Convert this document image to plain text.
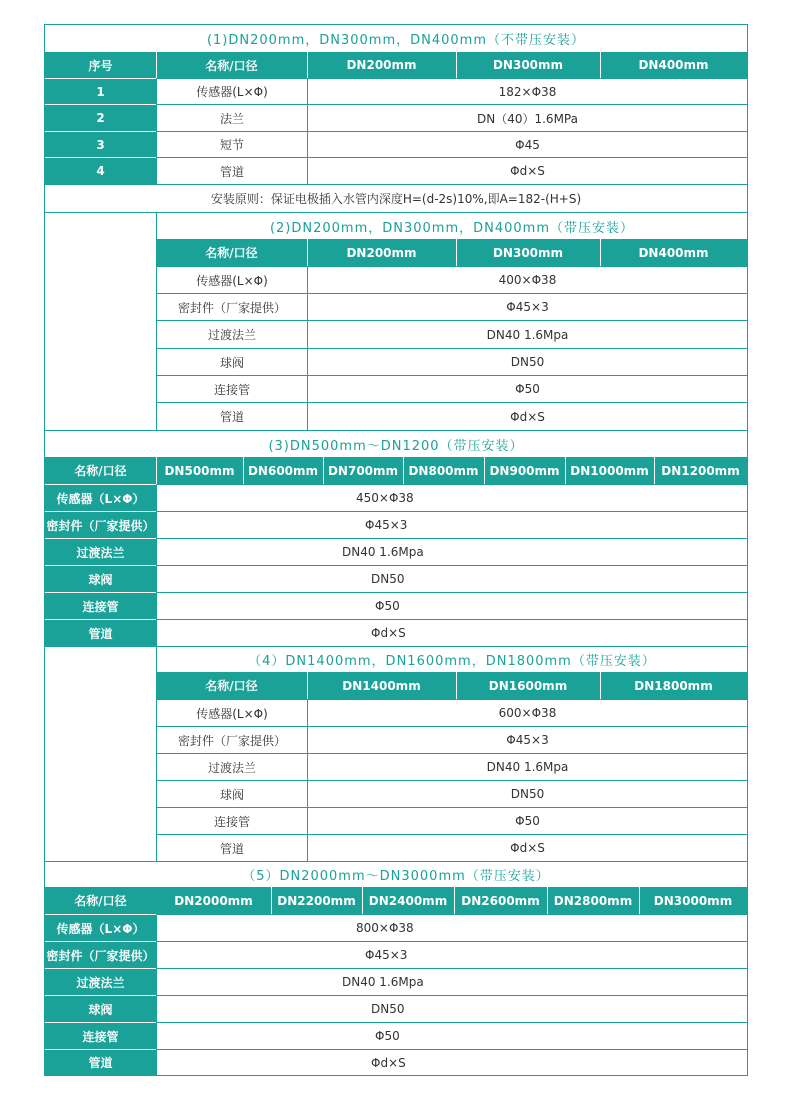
(1)DN200mm，DN300mm，DN400mm（不带压安装）
序号	名称/口径	DN200mm	DN300mm	DN400mm
1	传感器(L×Φ)	182×Φ38
2	法兰	DN（40）1.6MPa
3	短节	Φ45
4	管道	Φd×S
安装原则：保证电极插入水管内深度H=(d-2s)10%,即A=182-(H+S)
(2)DN200mm，DN300mm，DN400mm（带压安装）
名称/口径	DN200mm	DN300mm	DN400mm
传感器(L×Φ)	400×Φ38
密封件（厂家提供）	Φ45×3
过渡法兰	DN40 1.6Mpa
球阀	DN50
连接管	Φ50
管道	Φd×S
(3)DN500mm～DN1200（带压安装）
名称/口径	DN500mm	DN600mm DN700mm DN800mm DN900mm DN1000mm	DN1200mm
传感器（L×Φ）	450×Φ38
密封件（厂家提供）	Φ45×3
过渡法兰	DN40 1.6Mpa
球阀	DN50
连接管	Φ50
管道	Φd×S
（4）DN1400mm，DN1600mm，DN1800mm（带压安装）
名称/口径	DN1400mm	DN1600mm	DN1800mm
传感器(L×Φ)	600×Φ38
密封件（厂家提供）	Φ45×3
过渡法兰	DN40 1.6Mpa
球阀	DN50
连接管	Φ50
管道	Φd×S
（5）DN2000mm～DN3000mm（带压安装）
名称/口径	DN2000mm	DN2200mm	DN2400mm	DN2600mm	DN2800mm	DN3000mm
传感器（L×Φ）	800×Φ38
密封件（厂家提供）	Φ45×3
过渡法兰	DN40 1.6Mpa
球阀	DN50
连接管	Φ50
管道	Φd×S
